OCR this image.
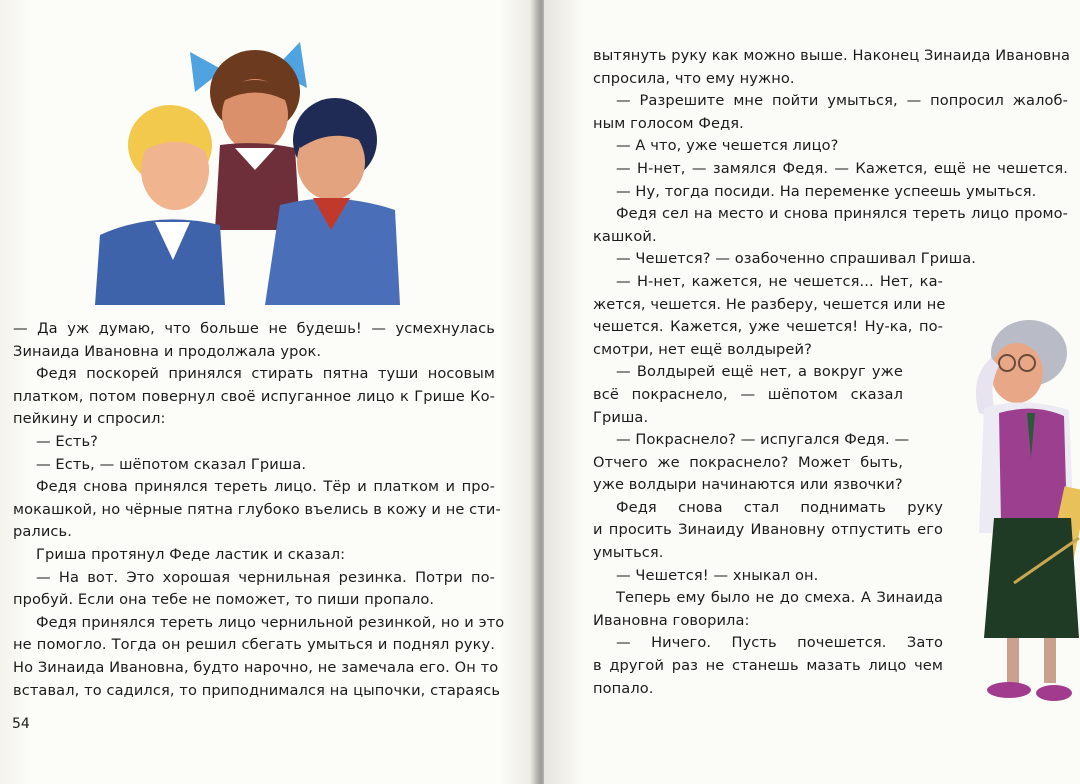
— Да уж думаю, что больше не будешь! — усмехнулась

Зинаида Ивановна и продолжала урок.

Федя поскорей принялся стирать пятна туши носовым

платком, потом повернул своё испуганное лицо к Грише Ко-

пейкину и спросил:

— Есть?

— Есть, — шёпотом сказал Гриша.

Федя снова принялся тереть лицо. Тёр и платком и про-

мокашкой, но чёрные пятна глубоко въелись в кожу и не сти-

рались.

Гриша протянул Феде ластик и сказал:

— На вот. Это хорошая чернильная резинка. Потри по-

пробуй. Если она тебе не поможет, то пиши пропало.

Федя принялся тереть лицо чернильной резинкой, но и это

не помогло. Тогда он решил сбегать умыться и поднял руку.

Но Зинаида Ивановна, будто нарочно, не замечала его. Он то

вставал, то садился, то приподнимался на цыпочки, стараясь

54

вытянуть руку как можно выше. Наконец Зинаида Ивановна

спросила, что ему нужно.

— Разрешите мне пойти умыться, — попросил жалоб-

ным голосом Федя.

— А что, уже чешется лицо?

— Н-нет, — замялся Федя. — Кажется, ещё не чешется.

— Ну, тогда посиди. На переменке успеешь умыться.

Федя сел на место и снова принялся тереть лицо промо-

кашкой.

— Чешется? — озабоченно спрашивал Гриша.

— Н-нет, кажется, не чешется... Нет, ка-

жется, чешется. Не разберу, чешется или не

чешется. Кажется, уже чешется! Ну-ка, по-

смотри, нет ещё волдырей?

— Волдырей ещё нет, а вокруг уже

всё покраснело, — шёпотом сказал

Гриша.

— Покраснело? — испугался Федя. —

Отчего же покраснело? Может быть,

уже волдыри начинаются или язвочки?

Федя снова стал поднимать руку

и просить Зинаиду Ивановну отпустить его

умыться.

— Чешется! — хныкал он.

Теперь ему было не до смеха. А Зинаида

Ивановна говорила:

— Ничего. Пусть почешется. Зато

в другой раз не станешь мазать лицо чем

попало.
